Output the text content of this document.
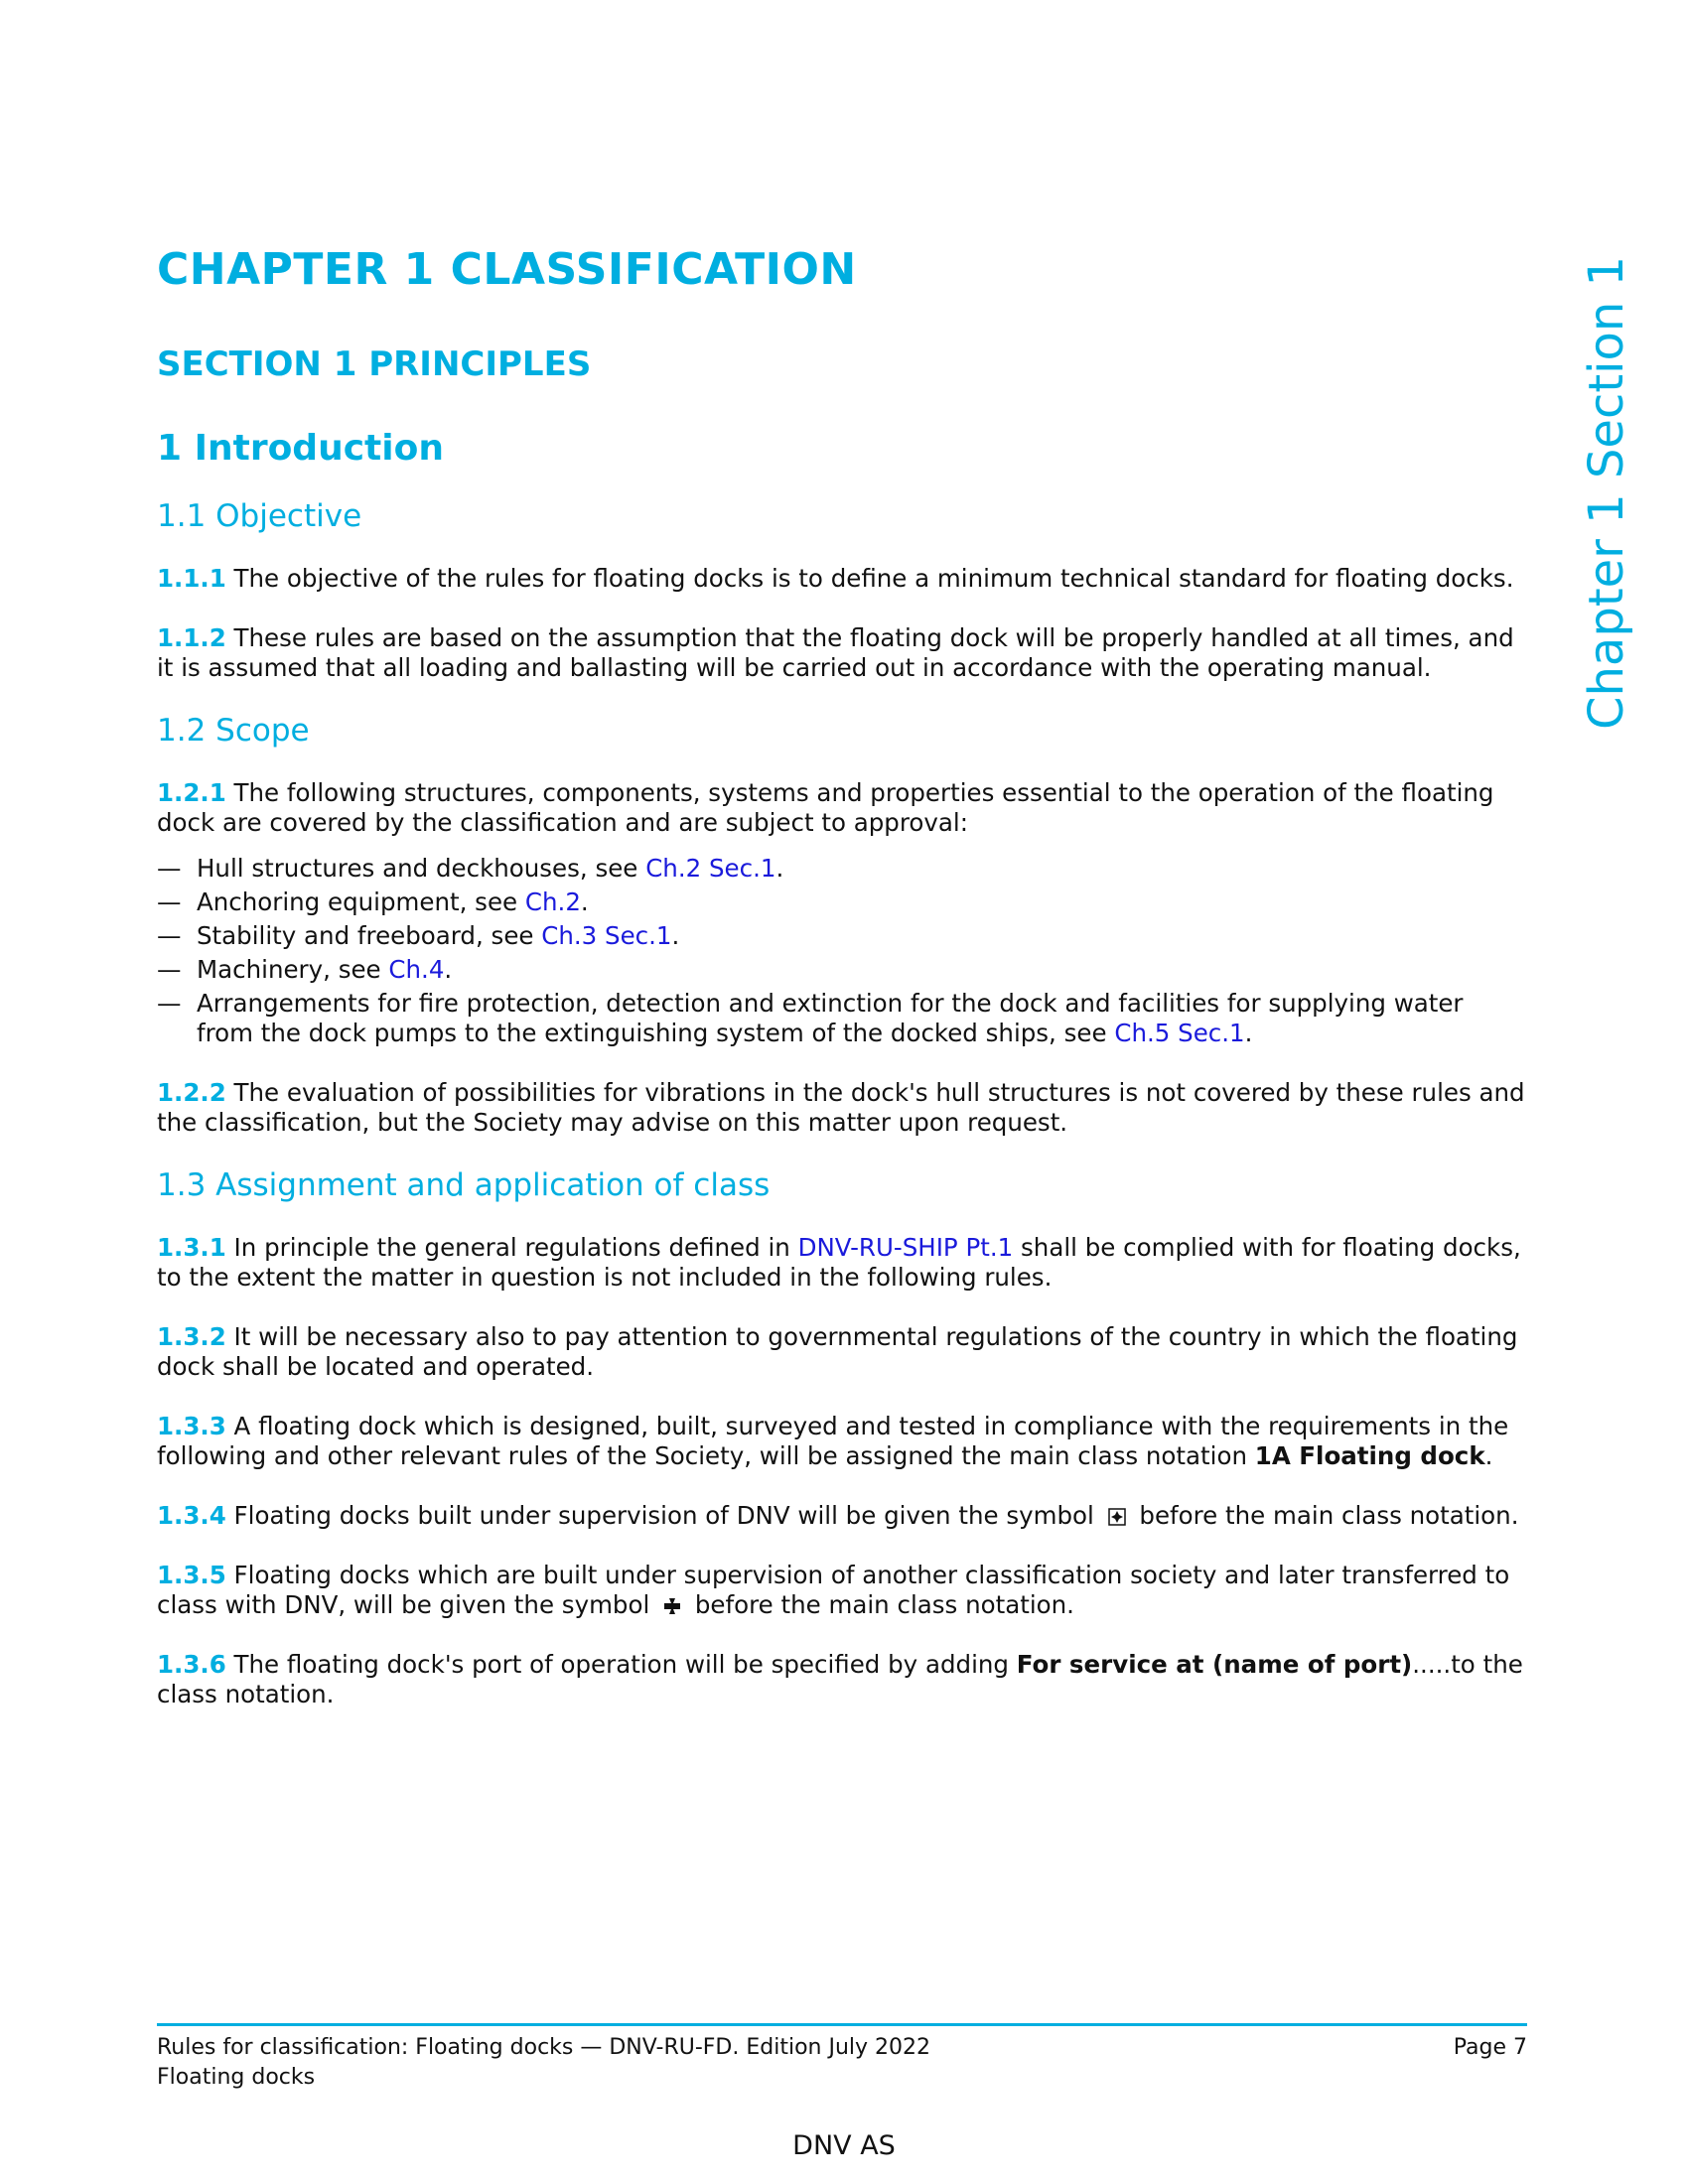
Chapter 1 Section 1
CHAPTER 1 CLASSIFICATION
SECTION 1 PRINCIPLES
1 Introduction
1.1 Objective

1.1.1 The objective of the rules for floating docks is to define a minimum technical standard for floating docks.

1.1.2 These rules are based on the assumption that the floating dock will be properly handled at all times, and it is assumed that all loading and ballasting will be carried out in accordance with the operating manual.

1.2 Scope

1.2.1 The following structures, components, systems and properties essential to the operation of the floating dock are covered by the classification and are subject to approval:

— Hull structures and deckhouses, see Ch.2 Sec.1.
— Anchoring equipment, see Ch.2.
— Stability and freeboard, see Ch.3 Sec.1.
— Machinery, see Ch.4.
— Arrangements for fire protection, detection and extinction for the dock and facilities for supplying water from the dock pumps to the extinguishing system of the docked ships, see Ch.5 Sec.1.

1.2.2 The evaluation of possibilities for vibrations in the dock's hull structures is not covered by these rules and the classification, but the Society may advise on this matter upon request.

1.3 Assignment and application of class

1.3.1 In principle the general regulations defined in DNV-RU-SHIP Pt.1 shall be complied with for floating docks, to the extent the matter in question is not included in the following rules.

1.3.2 It will be necessary also to pay attention to governmental regulations of the country in which the floating dock shall be located and operated.

1.3.3 A floating dock which is designed, built, surveyed and tested in compliance with the requirements in the following and other relevant rules of the Society, will be assigned the main class notation 1A Floating dock.

1.3.4 Floating docks built under supervision of DNV will be given the symbol  before the main class notation.

1.3.5 Floating docks which are built under supervision of another classification society and later transferred to class with DNV, will be given the symbol  before the main class notation.

1.3.6 The floating dock's port of operation will be specified by adding For service at (name of port).....to the class notation.

Rules for classification: Floating docks — DNV-RU-FD. Edition July 2022
Floating docks
Page 7
DNV AS
